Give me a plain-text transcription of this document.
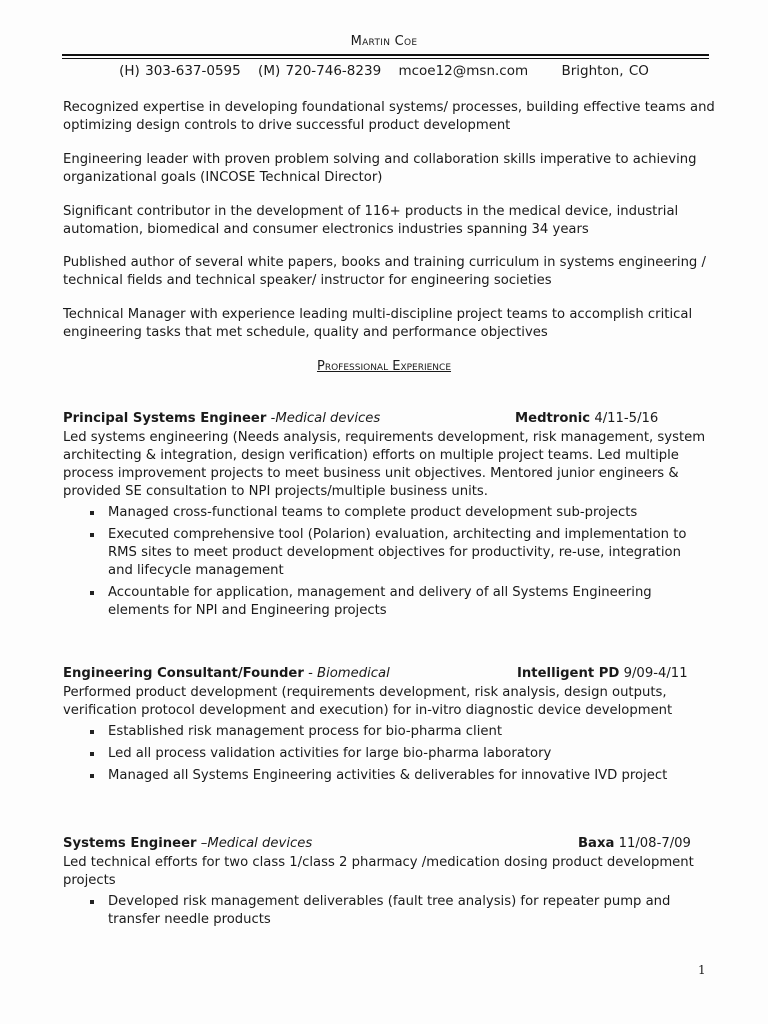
Martin Coe
(H) 303-637-0595 (M) 720-746-8239 mcoe12@msn.com Brighton, CO

Recognized expertise in developing foundational systems/ processes, building effective teams and optimizing design controls to drive successful product development

Engineering leader with proven problem solving and collaboration skills imperative to achieving organizational goals (INCOSE Technical Director)

Significant contributor in the development of 116+ products in the medical device, industrial automation, biomedical and consumer electronics industries spanning 34 years

Published author of several white papers, books and training curriculum in systems engineering / technical fields and technical speaker/ instructor for engineering societies

Technical Manager with experience leading multi-discipline project teams to accomplish critical engineering tasks that met schedule, quality and performance objectives

Professional Experience
Principal Systems Engineer -Medical devices	Medtronic 4/11-5/16

Led systems engineering (Needs analysis, requirements development, risk management, system architecting & integration, design verification) efforts on multiple project teams. Led multiple process improvement projects to meet business unit objectives. Mentored junior engineers & provided SE consultation to NPI projects/multiple business units.

Managed cross-functional teams to complete product development sub-projects
Executed comprehensive tool (Polarion) evaluation, architecting and implementation to RMS sites to meet product development objectives for productivity, re-use, integration and lifecycle management
Accountable for application, management and delivery of all Systems Engineering elements for NPI and Engineering projects
Engineering Consultant/Founder - Biomedical	Intelligent PD 9/09-4/11

Performed product development (requirements development, risk analysis, design outputs, verification protocol development and execution) for in-vitro diagnostic device development

Established risk management process for bio-pharma client
Led all process validation activities for large bio-pharma laboratory
Managed all Systems Engineering activities & deliverables for innovative IVD project
Systems Engineer –Medical devices	Baxa 11/08-7/09

Led technical efforts for two class 1/class 2 pharmacy /medication dosing product development projects

Developed risk management deliverables (fault tree analysis) for repeater pump and transfer needle products
1
